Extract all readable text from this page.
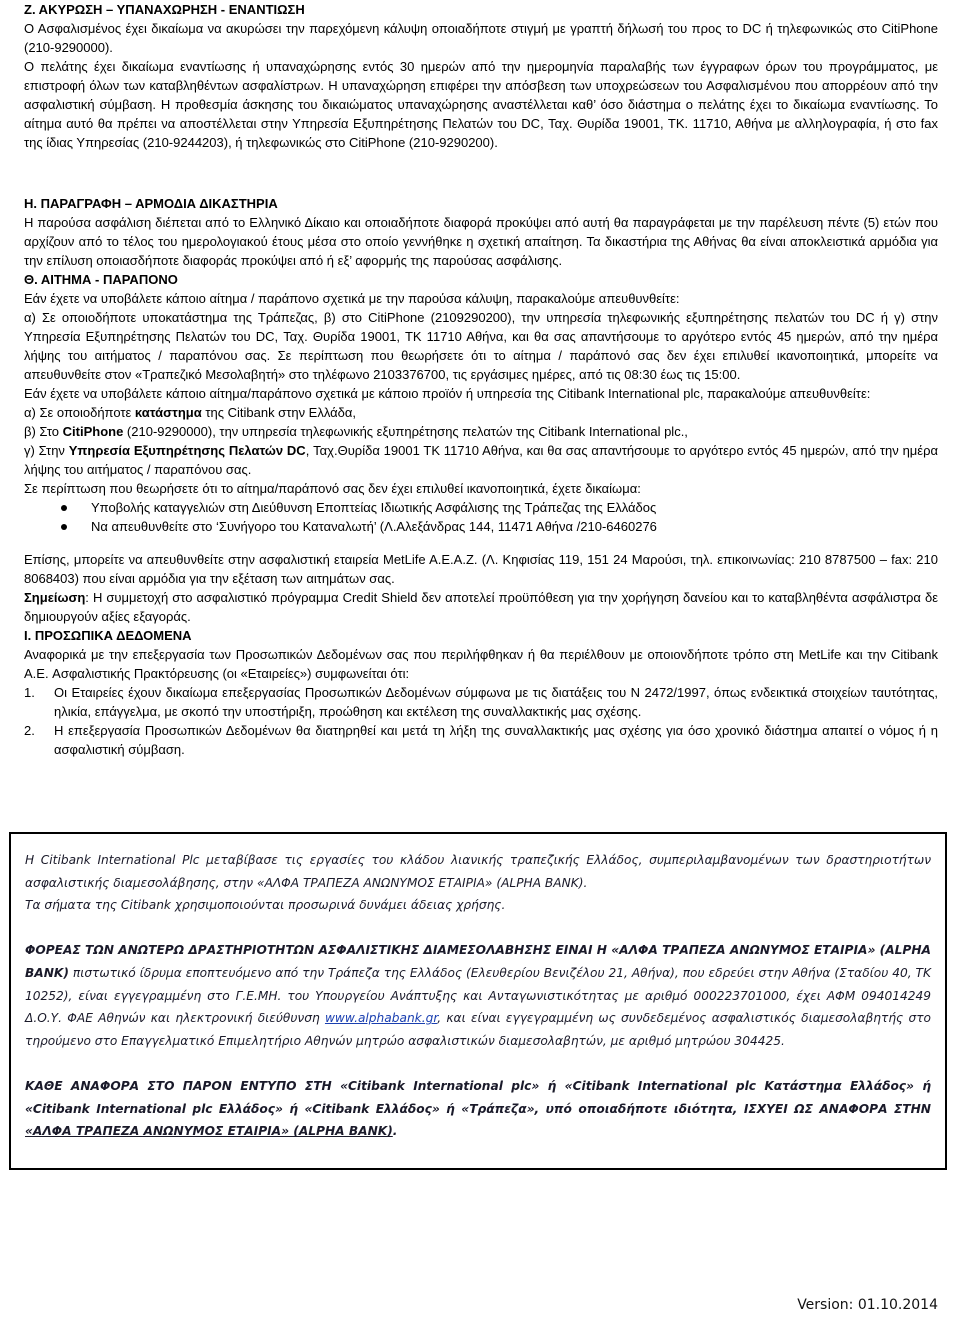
Ζ. ΑΚΥΡΩΣΗ – ΥΠΑΝΑΧΩΡΗΣΗ - ΕΝΑΝΤΙΩΣΗ

Ο Ασφαλισμένος έχει δικαίωμα να ακυρώσει την παρεχόμενη κάλυψη οποιαδήποτε στιγμή με γραπτή δήλωσή του προς το DC ή τηλεφωνικώς στο CitiPhone (210-9290000).

Ο πελάτης έχει δικαίωμα εναντίωσης ή υπαναχώρησης εντός 30 ημερών από την ημερομηνία παραλαβής των έγγραφων όρων του προγράμματος, με επιστροφή όλων των καταβληθέντων ασφαλίστρων. Η υπαναχώρηση επιφέρει την απόσβεση των υποχρεώσεων του Ασφαλισμένου που απορρέουν από την ασφαλιστική σύμβαση. Η προθεσμία άσκησης του δικαιώματος υπαναχώρησης αναστέλλεται καθ’ όσο διάστημα ο πελάτης έχει το δικαίωμα εναντίωσης. Το αίτημα αυτό θα πρέπει να αποστέλλεται στην Υπηρεσία Εξυπηρέτησης Πελατών του DC, Ταχ. Θυρίδα 19001, ΤΚ. 11710, Αθήνα με αλληλογραφία, ή στο fax της ίδιας Υπηρεσίας (210-9244203), ή τηλεφωνικώς στο CitiPhone (210-9290200).

Η. ΠΑΡΑΓΡΑΦΗ – ΑΡΜΟΔΙΑ ΔΙΚΑΣΤΗΡΙΑ

Η παρούσα ασφάλιση διέπεται από το Ελληνικό Δίκαιο και οποιαδήποτε διαφορά προκύψει από αυτή θα παραγράφεται με την παρέλευση πέντε (5) ετών που αρχίζουν από το τέλος του ημερολογιακού έτους μέσα στο οποίο γεννήθηκε η σχετική απαίτηση. Τα δικαστήρια της Αθήνας θα είναι αποκλειστικά αρμόδια για την επίλυση οποιασδήποτε διαφοράς προκύψει από ή εξ’ αφορμής της παρούσας ασφάλισης.

Θ. ΑΙΤΗΜΑ - ΠΑΡΑΠΟΝΟ

Εάν έχετε να υποβάλετε κάποιο αίτημα / παράπονο σχετικά με την παρούσα κάλυψη, παρακαλούμε απευθυνθείτε:

α) Σε οποιοδήποτε υποκατάστημα της Τράπεζας, β) στο CitiPhone (2109290200), την υπηρεσία τηλεφωνικής εξυπηρέτησης πελατών του DC ή γ) στην Υπηρεσία Εξυπηρέτησης Πελατών του DC, Ταχ. Θυρίδα 19001, ΤΚ 11710 Αθήνα, και θα σας απαντήσουμε το αργότερο εντός 45 ημερών, από την ημέρα λήψης του αιτήματος / παραπόνου σας. Σε περίπτωση που θεωρήσετε ότι το αίτημα / παράπονό σας δεν έχει επιλυθεί ικανοποιητικά, μπορείτε να απευθυνθείτε στον «Τραπεζικό Μεσολαβητή» στο τηλέφωνο 2103376700, τις εργάσιμες ημέρες, από τις 08:30 έως τις 15:00.

Εάν έχετε να υποβάλετε κάποιο αίτημα/παράπονο σχετικά με κάποιο προϊόν ή υπηρεσία της Citibank International plc, παρακαλούμε απευθυνθείτε:

α) Σε οποιοδήποτε κατάστημα της Citibank στην Ελλάδα,

β) Στο CitiPhone (210-9290000), την υπηρεσία τηλεφωνικής εξυπηρέτησης πελατών της Citibank International plc.,

γ) Στην Υπηρεσία Εξυπηρέτησης Πελατών DC, Ταχ.Θυρίδα 19001 ΤΚ 11710 Αθήνα, και θα σας απαντήσουμε το αργότερο εντός 45 ημερών, από την ημέρα λήψης του αιτήματος / παραπόνου σας.

Σε περίπτωση που θεωρήσετε ότι το αίτημα/παράπονό σας δεν έχει επιλυθεί ικανοποιητικά, έχετε δικαίωμα:

Υποβολής καταγγελιών στη Διεύθυνση Εποπτείας Ιδιωτικής Ασφάλισης της Τράπεζας της Ελλάδος
Να απευθυνθείτε στο ‘Συνήγορο του Καταναλωτή’ (Λ.Αλεξάνδρας 144, 11471 Αθήνα /210-6460276

Επίσης, μπορείτε να απευθυνθείτε στην ασφαλιστική εταιρεία MetLife A.E.A.Z. (Λ. Κηφισίας 119, 151 24 Μαρούσι, τηλ. επικοινωνίας: 210 8787500 – fax: 210 8068403) που είναι αρμόδια για την εξέταση των αιτημάτων σας.

Σημείωση: Η συμμετοχή στο ασφαλιστικό πρόγραμμα Credit Shield δεν αποτελεί προϋπόθεση για την χορήγηση δανείου και το καταβληθέντα ασφάλιστρα δε δημιουργούν αξίες εξαγοράς.

Ι. ΠΡΟΣΩΠΙΚΑ ΔΕΔΟΜΕΝΑ

Αναφορικά με την επεξεργασία των Προσωπικών Δεδομένων σας που περιλήφθηκαν ή θα περιέλθουν με οποιονδήποτε τρόπο στη MetLife και την Citibank A.E. Ασφαλιστικής Πρακτόρευσης (οι «Εταιρείες») συμφωνείται ότι:

1. Οι Εταιρείες έχουν δικαίωμα επεξεργασίας Προσωπικών Δεδομένων σύμφωνα με τις διατάξεις του Ν 2472/1997, όπως ενδεικτικά στοιχείων ταυτότητας, ηλικία, επάγγελμα, με σκοπό την υποστήριξη, προώθηση και εκτέλεση της συναλλακτικής μας σχέσης.
2. Η επεξεργασία Προσωπικών Δεδομένων θα διατηρηθεί και μετά τη λήξη της συναλλακτικής μας σχέσης για όσο χρονικό διάστημα απαιτεί ο νόμος ή η ασφαλιστική σύμβαση.

Η Citibank International Plc μεταβίβασε τις εργασίες του κλάδου λιανικής τραπεζικής Ελλάδος, συμπεριλαμβανομένων των δραστηριοτήτων ασφαλιστικής διαμεσολάβησης, στην «ΑΛΦΑ ΤΡΑΠΕΖΑ ΑΝΩΝΥΜΟΣ ΕΤΑΙΡΙΑ» (ALPHA BANK).

Τα σήματα της Citibank χρησιμοποιούνται προσωρινά δυνάμει άδειας χρήσης.

ΦΟΡΕΑΣ ΤΩΝ ΑΝΩΤΕΡΩ ΔΡΑΣΤΗΡΙΟΤΗΤΩΝ ΑΣΦΑΛΙΣΤΙΚΗΣ ΔΙΑΜΕΣΟΛΑΒΗΣΗΣ ΕΙΝΑΙ Η «ΑΛΦΑ ΤΡΑΠΕΖΑ ΑΝΩΝΥΜΟΣ ΕΤΑΙΡΙΑ» (ALPHA BANK) πιστωτικό ίδρυμα εποπτευόμενο από την Τράπεζα της Ελλάδος (Ελευθερίου Βενιζέλου 21, Αθήνα), που εδρεύει στην Αθήνα (Σταδίου 40, ΤΚ 10252), είναι εγγεγραμμένη στο Γ.Ε.ΜΗ. του Υπουργείου Ανάπτυξης και Ανταγωνιστικότητας με αριθμό 000223701000, έχει ΑΦΜ 094014249 Δ.Ο.Υ. ΦΑΕ Αθηνών και ηλεκτρονική διεύθυνση www.alphabank.gr, και είναι εγγεγραμμένη ως συνδεδεμένος ασφαλιστικός διαμεσολαβητής στο τηρούμενο στο Επαγγελματικό Επιμελητήριο Αθηνών μητρώο ασφαλιστικών διαμεσολαβητών, με αριθμό μητρώου 304425.

ΚΑΘΕ ΑΝΑΦΟΡΑ ΣΤΟ ΠΑΡΟΝ ΕΝΤΥΠΟ ΣΤΗ «Citibank International plc» ή «Citibank International plc Κατάστημα Ελλάδος» ή «Citibank International plc Ελλάδος» ή «Citibank Ελλάδος» ή «Τράπεζα», υπό οποιαδήποτε ιδιότητα, ΙΣΧΥΕΙ ΩΣ ΑΝΑΦΟΡΑ ΣΤΗΝ «ΑΛΦΑ ΤΡΑΠΕΖΑ ΑΝΩΝΥΜΟΣ ΕΤΑΙΡΙΑ» (ALPHA BANK).

Version: 01.10.2014
